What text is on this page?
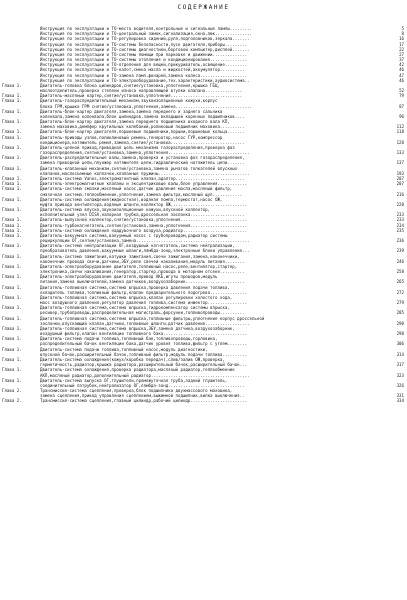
СОДЕРЖАНИЕ
Инструкция по эксплуатации и ТО-место водителя,контрольные и сигнальные лампы.........	5
Инструкция по эксплуатации и ТО-центральный замок,сигнализация,окна,люк...............	8
Инструкция по эксплуатации и ТО-регулировка сидений,руля,подголовников,зеркала.......	16
Инструкция по эксплуатации и ТО-системы безопасности,пуск двигателя,приборы.........	17
Инструкция по эксплуатации и ТО-системы диагностики,бортовой компьютер,дисплей.......	22
Инструкция по эксплуатации и ТО-системы помощи при парковке и движении..............	27
Инструкция по эксплуатации и ТО-системы отопления и кондиционирования...............	37
Инструкция по эксплуатации и ТО-отделения для вещей,прикуриватель,освещение.........	42
Инструкция по эксплуатации и ТО-капот,смена масла и жидкостей,аккумулятор..........	46
Инструкция по эксплуатации и ТО-замена ламп,фонарей,замена колеса...................	47
Инструкция по эксплуатации и ТО-электрооборудование,тех.характеристики,аудиосистема..	46
Глава 1.	Двигатель-головка блока цилиндров,снятие/установка,уплотнения,крышка ГБЦ,
маслоотделитель,проверка степени износа направляющей втулки клапана...............	52
Глава 1.	Двигатель-масляный картер,снятие/установка,уплотнения.............................	79
Глава 1.	Двигатель-газораспределительный механизм,звукоизоляционные кожухи,корпус
блока ГРМ,крышка ГРМ снятие/установка,уплотнения,замена...............................	87
Глава 1.	Двигатель-блок-картер двигателя,замена,замена переднего и заднего сальника
коленвала,замена коленвала,блок цилиндров,замена вкладышей коренных подшипников....	96
Глава 1.	Двигатель-блок-картер двигателя,замена переднего подшипника входного вала КП,
замена маховика,демпфер крутильных колебаний,роликовый подшипник маховика..........	112
Глава 1.	Двигатель-блок-картер двигателя,поршневые подшипники,поршни,поршневые кольца.......	118
Глава 1.	Двигатель-приводы узлов,поликлиновый ремень,генератор,насос ГУР,компрессор
кондиционера,натяжитель ремня,замена,снятие/установка..............................	128
Глава 1.	Двигатель-цепной привод,приводная цепь механизма газораспределения,проверка фаз
газораспределения,снятие/установка,замена,уплотнения.................................	133
Глава 1.	Двигатель-распределительные валы,замена,проверка и установка фаз газораспределения,
замена приводной цепи,плунжер натяжителя цепи,гидравлический натяжитель цепи.......	137
Глава 1.	Двигатель-клапанный механизм,снятие/установка,замена рычагов толкателей впускных
клапанов,маслосъемные колпачки,клапанные пружины.....................................	193
Глава 1.	Двигатель-система Vanos,электромагнитный клапан,адаптер............................	207
Глава 1.	Двигатель-электромагнитные клапаны и эксцентриковые валы,блок управления............	207
Глава 1.	Двигатель-система смазки,масляный насос,датчик давления масла,масляный фильтр,
смазочная система,теплообменник,уплотнения,замена фильтра,масляный щуп............	216
Глава 1.	Двигатель-система охлаждения(жидкостная),водяная помпа,термостат,насос ОЖ,
муфта привода вентилятора,водяные шланги,коллектор ОЖ...............................	220
Глава 1.	Двигатель-система впуска,звукоизоляционные кожухи,впускной коллектор,
исполнительный узел DISA,напорная трубка,дроссельная заслонка......................	233
Глава 1.	Двигатель-выпускной коллектор,снятие/установка,уплотнения...........................	233
Глава 1.	Двигатель-турбонагнетатель,снятие/установка,замена,уплотнения.......................	234
Глава 1.	Двигатель-система охлаждения наддувочного воздуха,радиатор..........................	235
Глава 1.	Двигатель-вакуумная система,вакуумный насос с трубопроводом,радиатор системы
рециркуляции ОГ,снятие/установка,замена..............................................	236
Глава 1.	Двигатель-система нейтрализации ОГ,воздушный нагнетатель,система нейтрализации,
преобразователь давления,вакуумные шланги,лямбда-зонд,электронные блоки управления...	239
Глава 1.	Двигатель-система зажигания,катушки зажигания,свечи зажигания,замена,наконечники,
наконечник провода свечи,датчики,ЭБУ,реле свечей накаливания,модуль питания........	246
Глава 1.	Двигатель-электрооборудование двигателя,топливный насос,реле,вентилятор,стартер,
электроника,свечи накаливания,генератор,стартер,провода в моторном отсеке..........	258
Глава 1.	Двигатель-электрооборудование двигателя,привод АКБ,жгуты проводов,модуль
питания,замена выключателей,замена датчиков,воздухозаборник........................	265
Глава 1.	Двигатель-топливная система,система впрыска,проверка давления подачи топлива,
охладитель топлива,топливный фильтр,клапан предварительного подогрева...............	272
Глава 1.	Двигатель-топливная система,система впрыска,клапан регулировки холостого хода,
масс воздушного давления,регулятор давления топлива,система инжектор................	279
Глава 1.	Двигатель-топливная система,система впрыска,гидрокомпенсатор системы впрыска,
ресивер,трубопроводы,распределительная магистраль,форсунки,топливопроводы..........	285
Глава 1.	Двигатель-топливная система,система впрыска,топливные фильтры,уплотнение корпус дроссельной
заслонки,впускающий клапан,датчики,топливные шланги,датчик давления..................	290
Глава 1.	Двигатель-топливная система,система впрыска,ЭБУ,замена датчика,воздухозаборник,
воздушный фильтр,клапан вентиляции топливного бака..................................	298
Глава 1.	Двигатель-система подачи топлива,топливный бак,топливопроводы,горловина,
распределительный бачок вентиляции бака,датчик уровня топлива,фильтр с углем........	306
Глава 1.	Двигатель-система подачи топлива,топливный насос,модуль диагностики,
впускной бачок,расширительный бачок,топливный фильтр,модуль подачи топлива..........	314
Глава 1.	Двигатель-система охлаждения(кожух/коробка передач),слив/залив ОЖ,проверка,
герметичность,радиатор,крышка радиатора,расширительный бачок,расширительный бачок...	317
Глава 1.	Двигатель-система охлаждения,проверка радиатора,масляный радиатор,теплообменник
АКП,масляный радиатор,дополнительный радиатор........................................	323
Глава 1.	Двигатель-система выпуска ОГ,глушители,промежуточная труба,задний глушитель,
соединительный патрубок,нейтрализатор ОГ,лямбда-зонд...............................	326
Глава 2.	Трансмиссия-система сцепления,проверка,блок подшипника двухмассового маховика,
замена сцепления,привод управления сцеплением,выжимной подшипник,вилка выключения..	331
Глава 2.	Трансмиссия-система сцепления,главный цилиндр,рабочий цилиндр.......................	334
